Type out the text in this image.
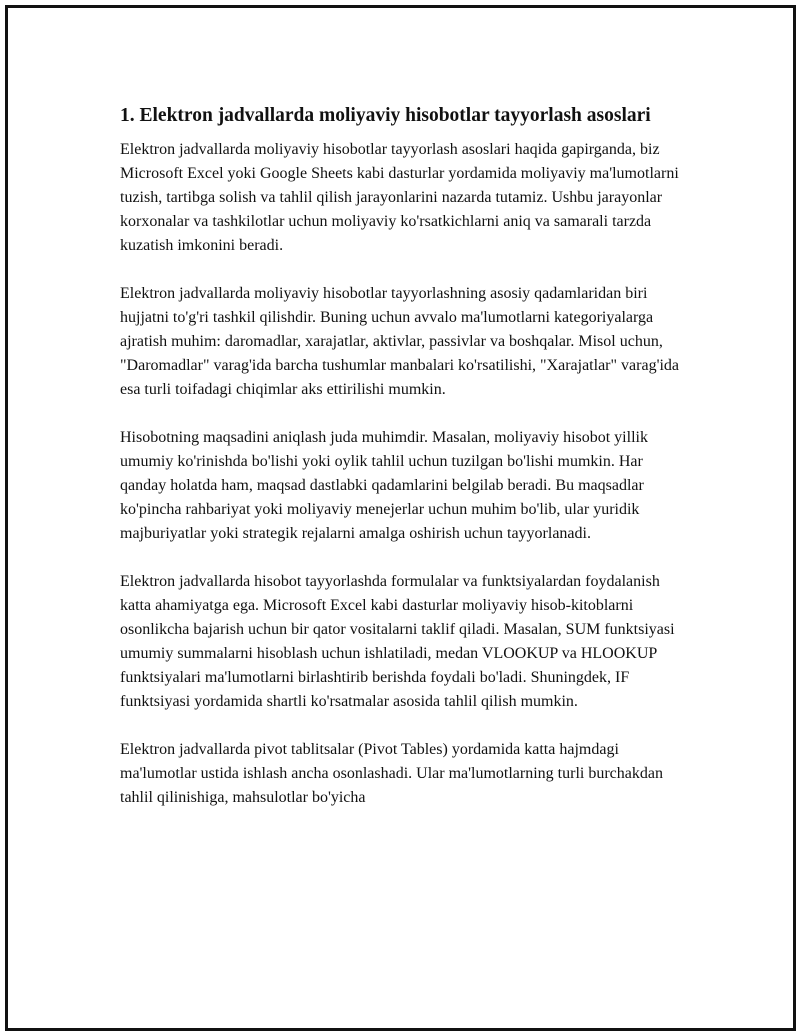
1. Elektron jadvallarda moliyaviy hisobotlar tayyorlash asoslari

Elektron jadvallarda moliyaviy hisobotlar tayyorlash asoslari haqida gapirganda, biz Microsoft Excel yoki Google Sheets kabi dasturlar yordamida moliyaviy ma'lumotlarni tuzish, tartibga solish va tahlil qilish jarayonlarini nazarda tutamiz. Ushbu jarayonlar korxonalar va tashkilotlar uchun moliyaviy ko'rsatkichlarni aniq va samarali tarzda kuzatish imkonini beradi.

Elektron jadvallarda moliyaviy hisobotlar tayyorlashning asosiy qadamlaridan biri hujjatni to'g'ri tashkil qilishdir. Buning uchun avvalo ma'lumotlarni kategoriyalarga ajratish muhim: daromadlar, xarajatlar, aktivlar, passivlar va boshqalar. Misol uchun, "Daromadlar" varag'ida barcha tushumlar manbalari ko'rsatilishi, "Xarajatlar" varag'ida esa turli toifadagi chiqimlar aks ettirilishi mumkin.

Hisobotning maqsadini aniqlash juda muhimdir. Masalan, moliyaviy hisobot yillik umumiy ko'rinishda bo'lishi yoki oylik tahlil uchun tuzilgan bo'lishi mumkin. Har qanday holatda ham, maqsad dastlabki qadamlarini belgilab beradi. Bu maqsadlar ko'pincha rahbariyat yoki moliyaviy menejerlar uchun muhim bo'lib, ular yuridik majburiyatlar yoki strategik rejalarni amalga oshirish uchun tayyorlanadi.

Elektron jadvallarda hisobot tayyorlashda formulalar va funktsiyalardan foydalanish katta ahamiyatga ega. Microsoft Excel kabi dasturlar moliyaviy hisob-kitoblarni osonlikcha bajarish uchun bir qator vositalarni taklif qiladi. Masalan, SUM funktsiyasi umumiy summalarni hisoblash uchun ishlatiladi, medan VLOOKUP va HLOOKUP funktsiyalari ma'lumotlarni birlashtirib berishda foydali bo'ladi. Shuningdek, IF funktsiyasi yordamida shartli ko'rsatmalar asosida tahlil qilish mumkin.

Elektron jadvallarda pivot tablitsalar (Pivot Tables) yordamida katta hajmdagi ma'lumotlar ustida ishlash ancha osonlashadi. Ular ma'lumotlarning turli burchakdan tahlil qilinishiga, mahsulotlar bo'yicha
